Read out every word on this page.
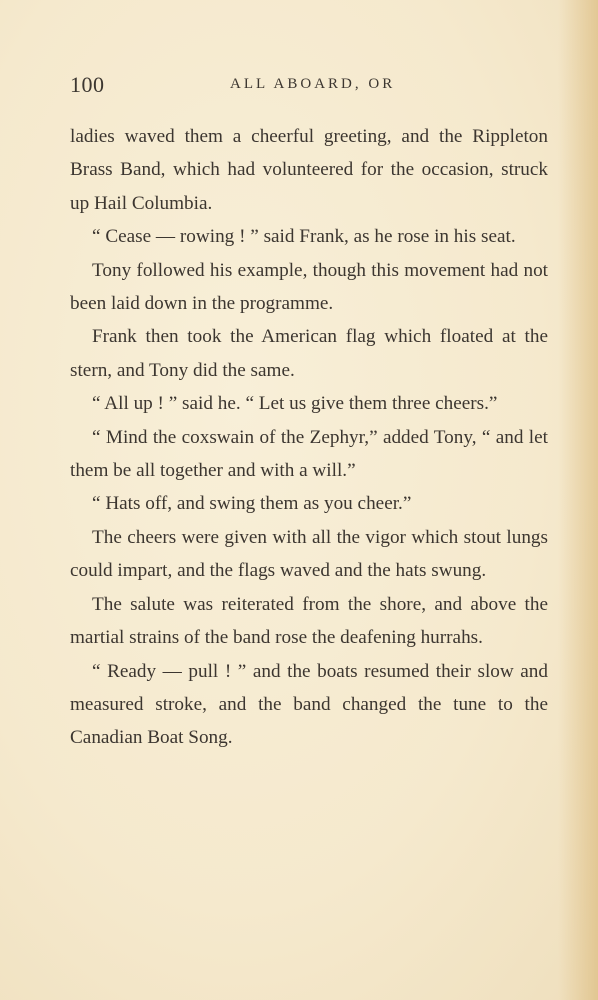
100	ALL ABOARD, OR

ladies waved them a cheerful greeting, and the Rippleton Brass Band, which had volunteered for the occasion, struck up Hail Columbia.

“ Cease — rowing ! ” said Frank, as he rose in his seat.

Tony followed his example, though this movement had not been laid down in the programme.

Frank then took the American flag which floated at the stern, and Tony did the same.

“ All up ! ” said he. “ Let us give them three cheers.”

“ Mind the coxswain of the Zephyr,” added Tony, “ and let them be all together and with a will.”

“ Hats off, and swing them as you cheer.”

The cheers were given with all the vigor which stout lungs could impart, and the flags waved and the hats swung.

The salute was reiterated from the shore, and above the martial strains of the band rose the deafening hurrahs.

“ Ready — pull ! ” and the boats resumed their slow and measured stroke, and the band changed the tune to the Canadian Boat Song.
